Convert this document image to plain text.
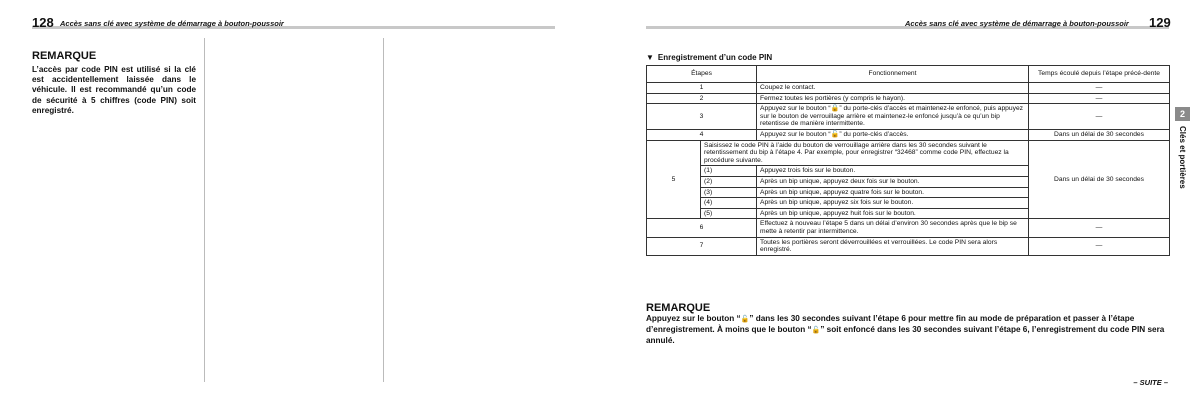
128 Accès sans clé avec système de démarrage à bouton-poussoir
REMARQUE
L’accès par code PIN est utilisé si la clé est accidentellement laissée dans le véhicule. Il est recommandé qu’un code de sécurité à 5 chiffres (code PIN) soit enregistré.
Accès sans clé avec système de démarrage à bouton-poussoir 129
▼ Enregistrement d’un code PIN
Étapes		Fonctionnement	Temps écoulé depuis l’étape précé-dente
1		Coupez le contact.	—
2		Fermez toutes les portières (y compris le hayon).	—
3		Appuyez sur le bouton “🔒” du porte-clés d’accès et maintenez-le enfoncé, puis appuyez sur le bouton de verrouillage arrière et maintenez-le enfoncé jusqu’à ce qu’un bip retentisse de manière intermittente.	—
4		Appuyez sur le bouton “🔓” du porte-clés d’accès.	Dans un délai de 30 secondes
5	Saisissez le code PIN à l’aide du bouton de verrouillage arrière dans les 30 secondes suivant le retentissement du bip à l’étape 4. Par exemple, pour enregistrer “32468” comme code PIN, effectuez la procédure suivante.		Dans un délai de 30 secondes
	(1)	Appuyez trois fois sur le bouton.	
	(2)	Après un bip unique, appuyez deux fois sur le bouton.	
	(3)	Après un bip unique, appuyez quatre fois sur le bouton.	
	(4)	Après un bip unique, appuyez six fois sur le bouton.	
	(5)	Après un bip unique, appuyez huit fois sur le bouton.	
6		Effectuez à nouveau l’étape 5 dans un délai d’environ 30 secondes après que le bip se mette à retentir par intermittence.	—
7		Toutes les portières seront déverrouillées et verrouillées. Le code PIN sera alors enregistré.	—
REMARQUE
Appuyez sur le bouton “🔓” dans les 30 secondes suivant l’étape 6 pour mettre fin au mode de préparation et passer à l’étape d’enregistrement. À moins que le bouton “🔓” soit enfoncé dans les 30 secondes suivant l’étape 6, l’enregistrement du code PIN sera annulé.
– SUITE –
2
Clés et portières
